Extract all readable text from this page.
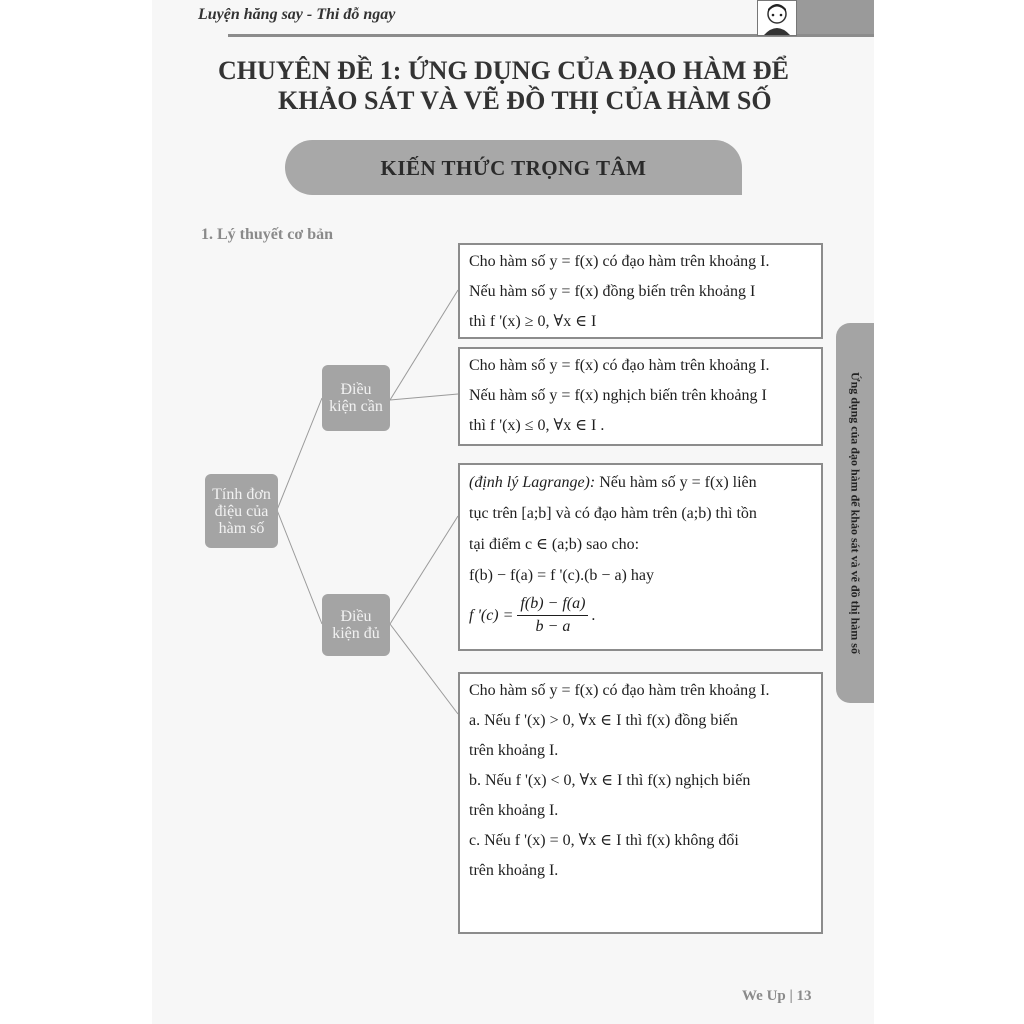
Luyện hăng say - Thi đỗ ngay
CHUYÊN ĐỀ 1: ỨNG DỤNG CỦA ĐẠO HÀM ĐỂ
KHẢO SÁT VÀ VẼ ĐỒ THỊ CỦA HÀM SỐ
KIẾN THỨC TRỌNG TÂM
1. Lý thuyết cơ bản
Tính đơn điệu của hàm số
Điều kiện cần
Điều kiện đủ

Cho hàm số y = f(x) có đạo hàm trên khoảng I.

Nếu hàm số y = f(x) đồng biến trên khoảng I

thì f '(x) ≥ 0, ∀x ∈ I

Cho hàm số y = f(x) có đạo hàm trên khoảng I.

Nếu hàm số y = f(x) nghịch biến trên khoảng I

thì f '(x) ≤ 0, ∀x ∈ I .

(định lý Lagrange): Nếu hàm số y = f(x) liên

tục trên [a;b] và có đạo hàm trên (a;b) thì tồn

tại điểm c ∈ (a;b) sao cho:

f(b) − f(a) = f '(c).(b − a) hay

f '$(c) = \frac{f(b) - f(a)}{b - a}$ .

Cho hàm số y = f(x) có đạo hàm trên khoảng I.

a. Nếu f '(x) > 0, ∀x ∈ I thì f(x) đồng biến

trên khoảng I.

b. Nếu f '(x) < 0, ∀x ∈ I thì f(x) nghịch biến

trên khoảng I.

c. Nếu f '(x) = 0, ∀x ∈ I thì f(x) không đổi

trên khoảng I.

Ứng dụng của đạo hàm để khảo sát và vẽ đồ thị hàm số
We Up | 13
